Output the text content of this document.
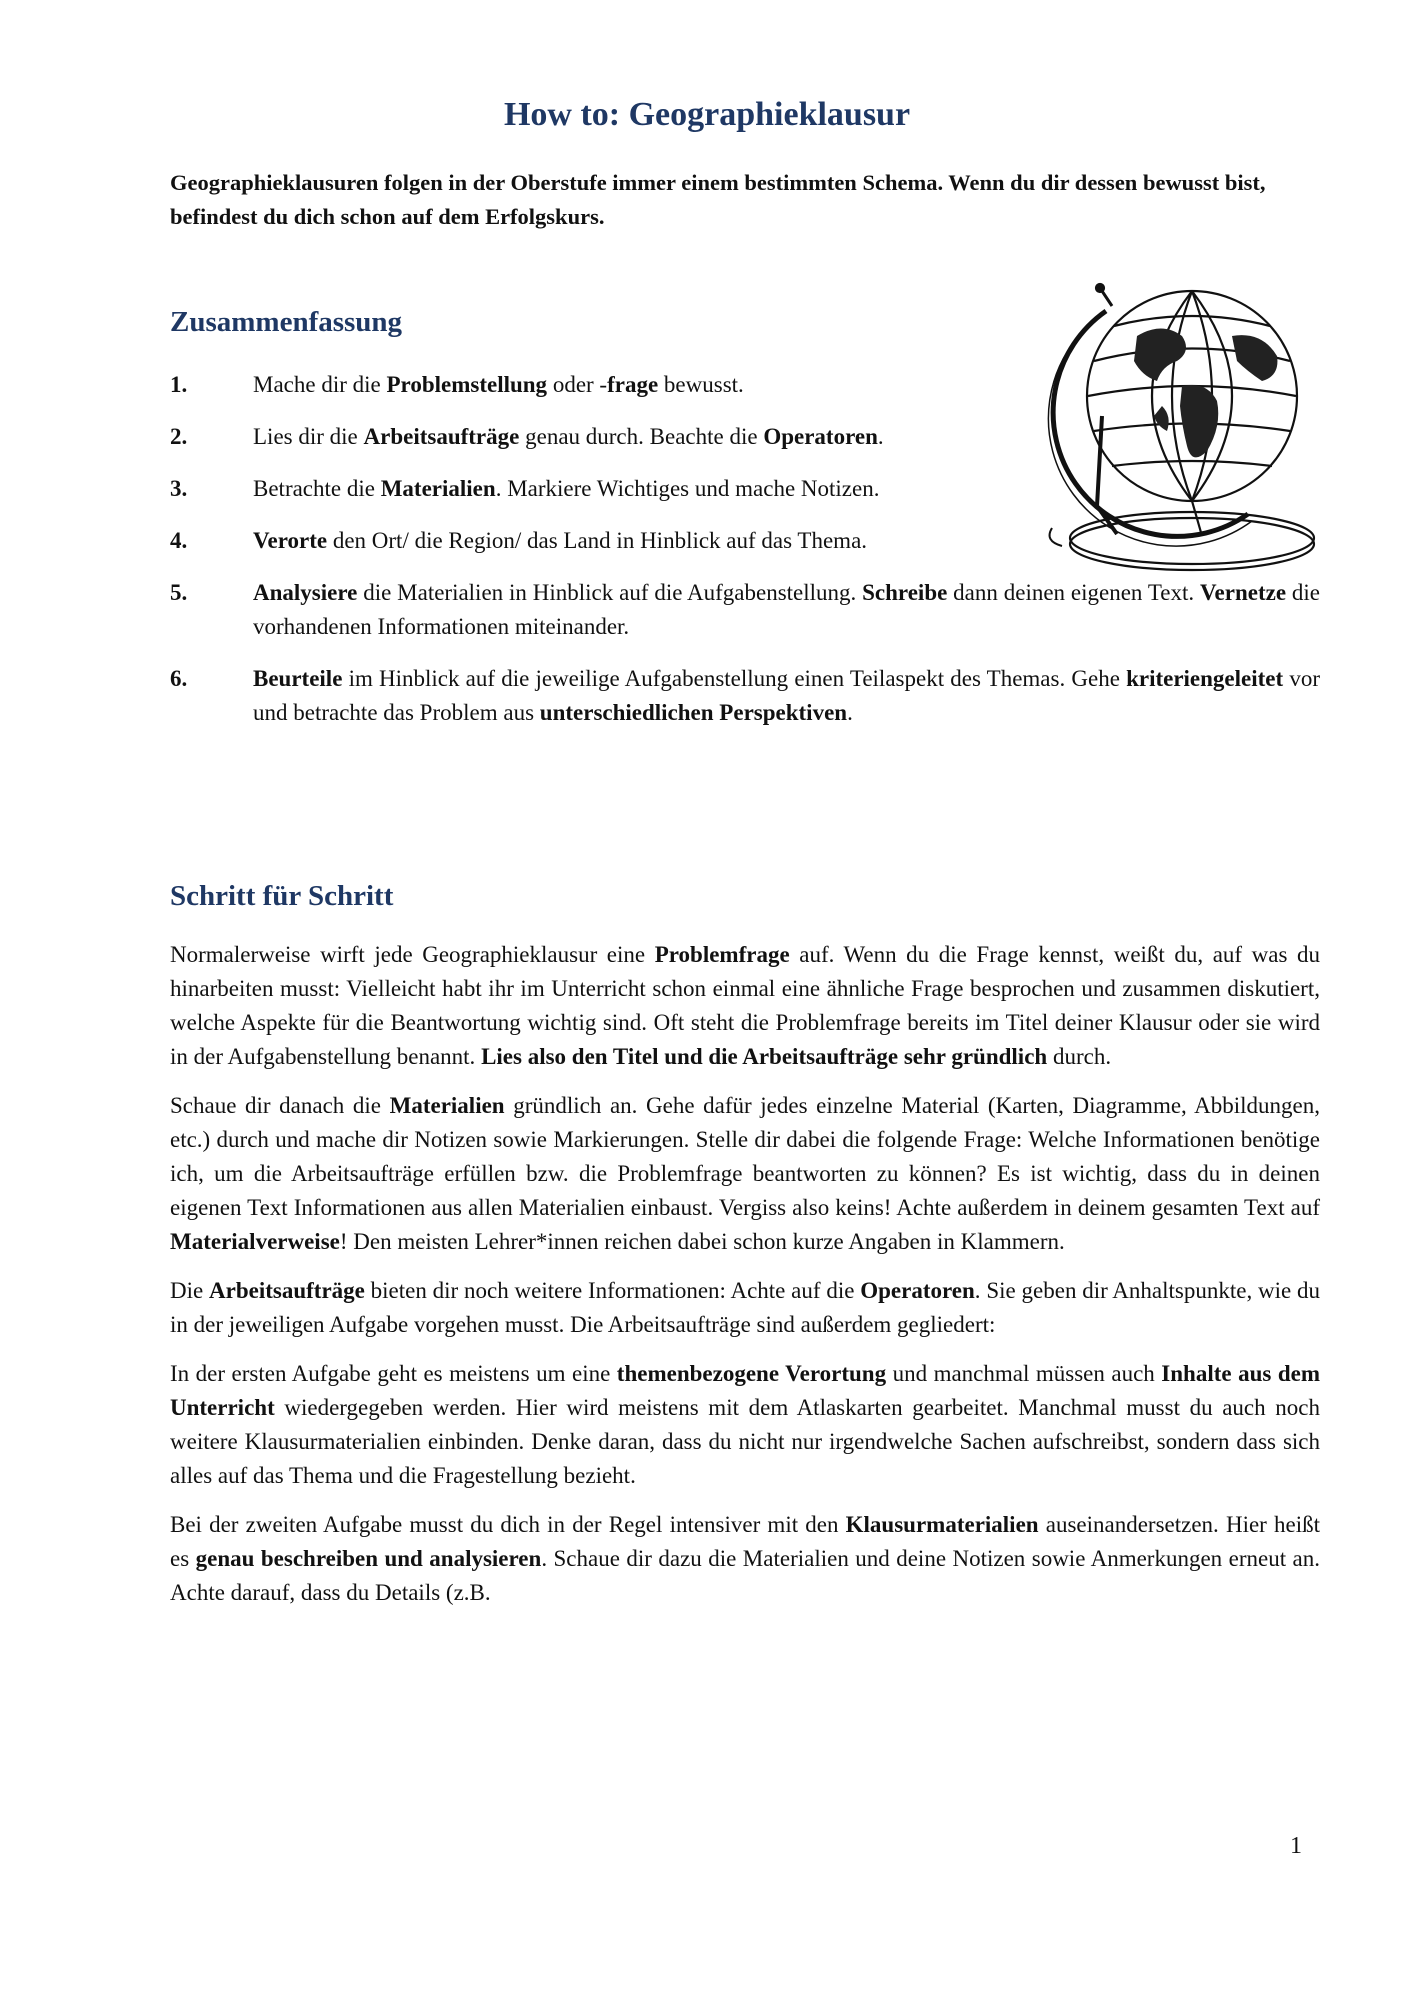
How to: Geographieklausur

Geographieklausuren folgen in der Oberstufe immer einem bestimmten Schema. Wenn du dir dessen bewusst bist, befindest du dich schon auf dem Erfolgskurs.

Zusammenfassung
1.	Mache dir die Problemstellung oder -frage bewusst.
2.	Lies dir die Arbeitsaufträge genau durch. Beachte die Operatoren.
3.	Betrachte die Materialien. Markiere Wichtiges und mache Notizen.
4.	Verorte den Ort/ die Region/ das Land in Hinblick auf das Thema.
5.	Analysiere die Materialien in Hinblick auf die Aufgabenstellung. Schreibe dann deinen eigenen Text. Vernetze die vorhandenen Informationen miteinander.
6.	Beurteile im Hinblick auf die jeweilige Aufgabenstellung einen Teilaspekt des Themas. Gehe kriteriengeleitet vor und betrachte das Problem aus unterschiedlichen Perspektiven.
Schritt für Schritt

Normalerweise wirft jede Geographieklausur eine Problemfrage auf. Wenn du die Frage kennst, weißt du, auf was du hinarbeiten musst: Vielleicht habt ihr im Unterricht schon einmal eine ähnliche Frage besprochen und zusammen diskutiert, welche Aspekte für die Beantwortung wichtig sind. Oft steht die Problemfrage bereits im Titel deiner Klausur oder sie wird in der Aufgabenstellung benannt. Lies also den Titel und die Arbeitsaufträge sehr gründlich durch.

Schaue dir danach die Materialien gründlich an. Gehe dafür jedes einzelne Material (Karten, Diagramme, Abbildungen, etc.) durch und mache dir Notizen sowie Markierungen. Stelle dir dabei die folgende Frage: Welche Informationen benötige ich, um die Arbeitsaufträge erfüllen bzw. die Problemfrage beantworten zu können? Es ist wichtig, dass du in deinen eigenen Text Informationen aus allen Materialien einbaust. Vergiss also keins! Achte außerdem in deinem gesamten Text auf Materialverweise! Den meisten Lehrer*innen reichen dabei schon kurze Angaben in Klammern.

Die Arbeitsaufträge bieten dir noch weitere Informationen: Achte auf die Operatoren. Sie geben dir Anhaltspunkte, wie du in der jeweiligen Aufgabe vorgehen musst. Die Arbeitsaufträge sind außerdem gegliedert:

In der ersten Aufgabe geht es meistens um eine themenbezogene Verortung und manchmal müssen auch Inhalte aus dem Unterricht wiedergegeben werden. Hier wird meistens mit dem Atlaskarten gearbeitet. Manchmal musst du auch noch weitere Klausurmaterialien einbinden. Denke daran, dass du nicht nur irgendwelche Sachen aufschreibst, sondern dass sich alles auf das Thema und die Fragestellung bezieht.

Bei der zweiten Aufgabe musst du dich in der Regel intensiver mit den Klausurmaterialien auseinandersetzen. Hier heißt es genau beschreiben und analysieren. Schaue dir dazu die Materialien und deine Notizen sowie Anmerkungen erneut an. Achte darauf, dass du Details (z.B.

1
